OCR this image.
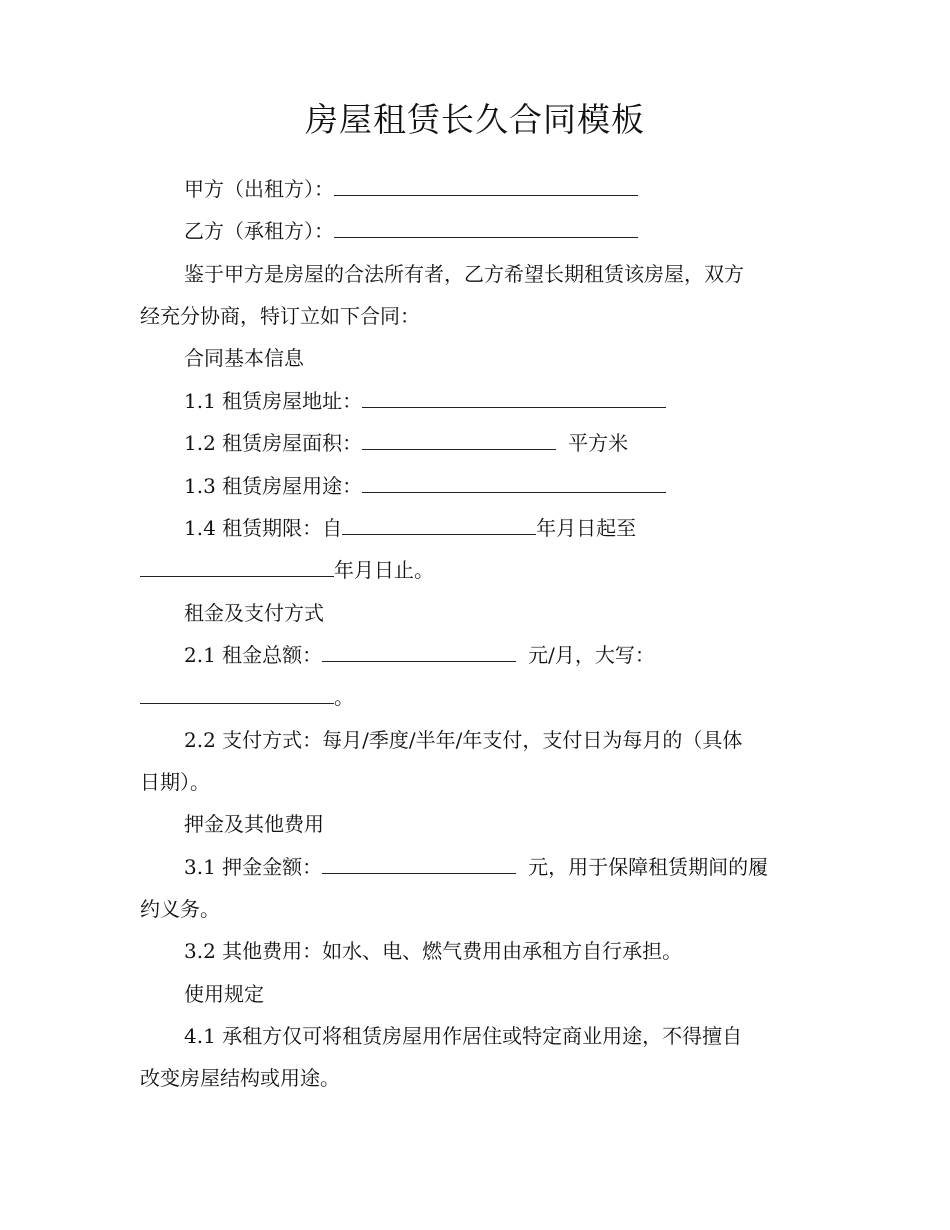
房屋租赁长久合同模板
甲方（出租方）：
乙方（承租方）：
鉴于甲方是房屋的合法所有者，乙方希望长期租赁该房屋，双方
经充分协商，特订立如下合同：
合同基本信息
1.1 租赁房屋地址：
1.2 租赁房屋面积：	平方米
1.3 租赁房屋用途：
1.4 租赁期限：自	年月日起至
年月日止。
租金及支付方式
2.1 租金总额：	元/月，大写：
。
2.2 支付方式：每月/季度/半年/年支付，支付日为每月的（具体
日期）。
押金及其他费用
3.1 押金金额：	元，用于保障租赁期间的履
约义务。
3.2 其他费用：如水、电、燃气费用由承租方自行承担。
使用规定
4.1 承租方仅可将租赁房屋用作居住或特定商业用途，不得擅自
改变房屋结构或用途。
